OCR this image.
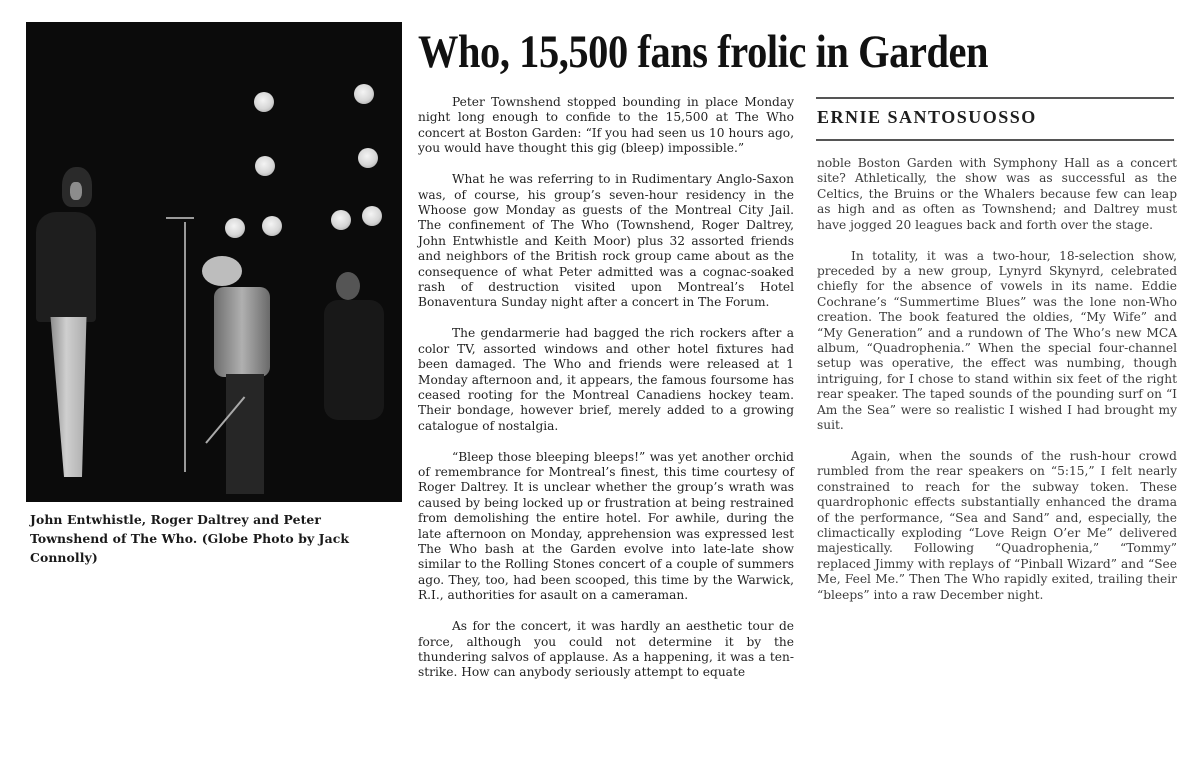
John Entwhistle, Roger Daltrey and Peter Townshend of The Who. (Globe Photo by Jack Connolly)
Who, 15,500 fans frolic in Garden
ERNIE SANTOSUOSSO

Peter Townshend stopped bounding in place Monday night long enough to confide to the 15,500 at The Who concert at Boston Garden: “If you had seen us 10 hours ago, you would have thought this gig (bleep) impossible.”

What he was referring to in Rudimentary Anglo-Saxon was, of course, his group’s seven-hour residency in the Whoose gow Monday as guests of the Montreal City Jail. The confinement of The Who (Townshend, Roger Daltrey, John Entwhistle and Keith Moor) plus 32 assorted friends and neighbors of the British rock group came about as the consequence of what Peter admitted was a cognac-soaked rash of destruction visited upon Montreal’s Hotel Bonaventura Sunday night after a concert in The Forum.

The gendarmerie had bagged the rich rockers after a color TV, assorted windows and other hotel fixtures had been damaged. The Who and friends were released at 1 Monday afternoon and, it appears, the famous foursome has ceased rooting for the Montreal Canadiens hockey team. Their bondage, however brief, merely added to a growing catalogue of nostalgia.

“Bleep those bleeping bleeps!” was yet another orchid of remembrance for Montreal’s finest, this time courtesy of Roger Daltrey. It is unclear whether the group’s wrath was caused by being locked up or frustration at being restrained from demolishing the entire hotel. For awhile, during the late afternoon on Monday, apprehension was expressed lest The Who bash at the Garden evolve into late-late show similar to the Rolling Stones concert of a couple of summers ago. They, too, had been scooped, this time by the Warwick, R.I., authorities for asault on a cameraman.

As for the concert, it was hardly an aesthetic tour de force, although you could not determine it by the thundering salvos of applause. As a happening, it was a ten-strike. How can anybody seriously attempt to equate

noble Boston Garden with Symphony Hall as a concert site? Athletically, the show was as successful as the Celtics, the Bruins or the Whalers because few can leap as high and as often as Townshend; and Daltrey must have jogged 20 leagues back and forth over the stage.

In totality, it was a two-hour, 18-selection show, preceded by a new group, Lynyrd Skynyrd, celebrated chiefly for the absence of vowels in its name. Eddie Cochrane’s “Summertime Blues” was the lone non-Who creation. The book featured the oldies, “My Wife” and “My Generation” and a rundown of The Who’s new MCA album, “Quadrophenia.” When the special four-channel setup was operative, the effect was numbing, though intriguing, for I chose to stand within six feet of the right rear speaker. The taped sounds of the pounding surf on “I Am the Sea” were so realistic I wished I had brought my suit.

Again, when the sounds of the rush-hour crowd rumbled from the rear speakers on “5:15,” I felt nearly constrained to reach for the subway token. These quardrophonic effects substantially enhanced the drama of the performance, “Sea and Sand” and, especially, the climactically exploding “Love Reign O’er Me” delivered majestically. Following “Quadrophenia,” “Tommy” replaced Jimmy with replays of “Pinball Wizard” and “See Me, Feel Me.” Then The Who rapidly exited, trailing their “bleeps” into a raw December night.
